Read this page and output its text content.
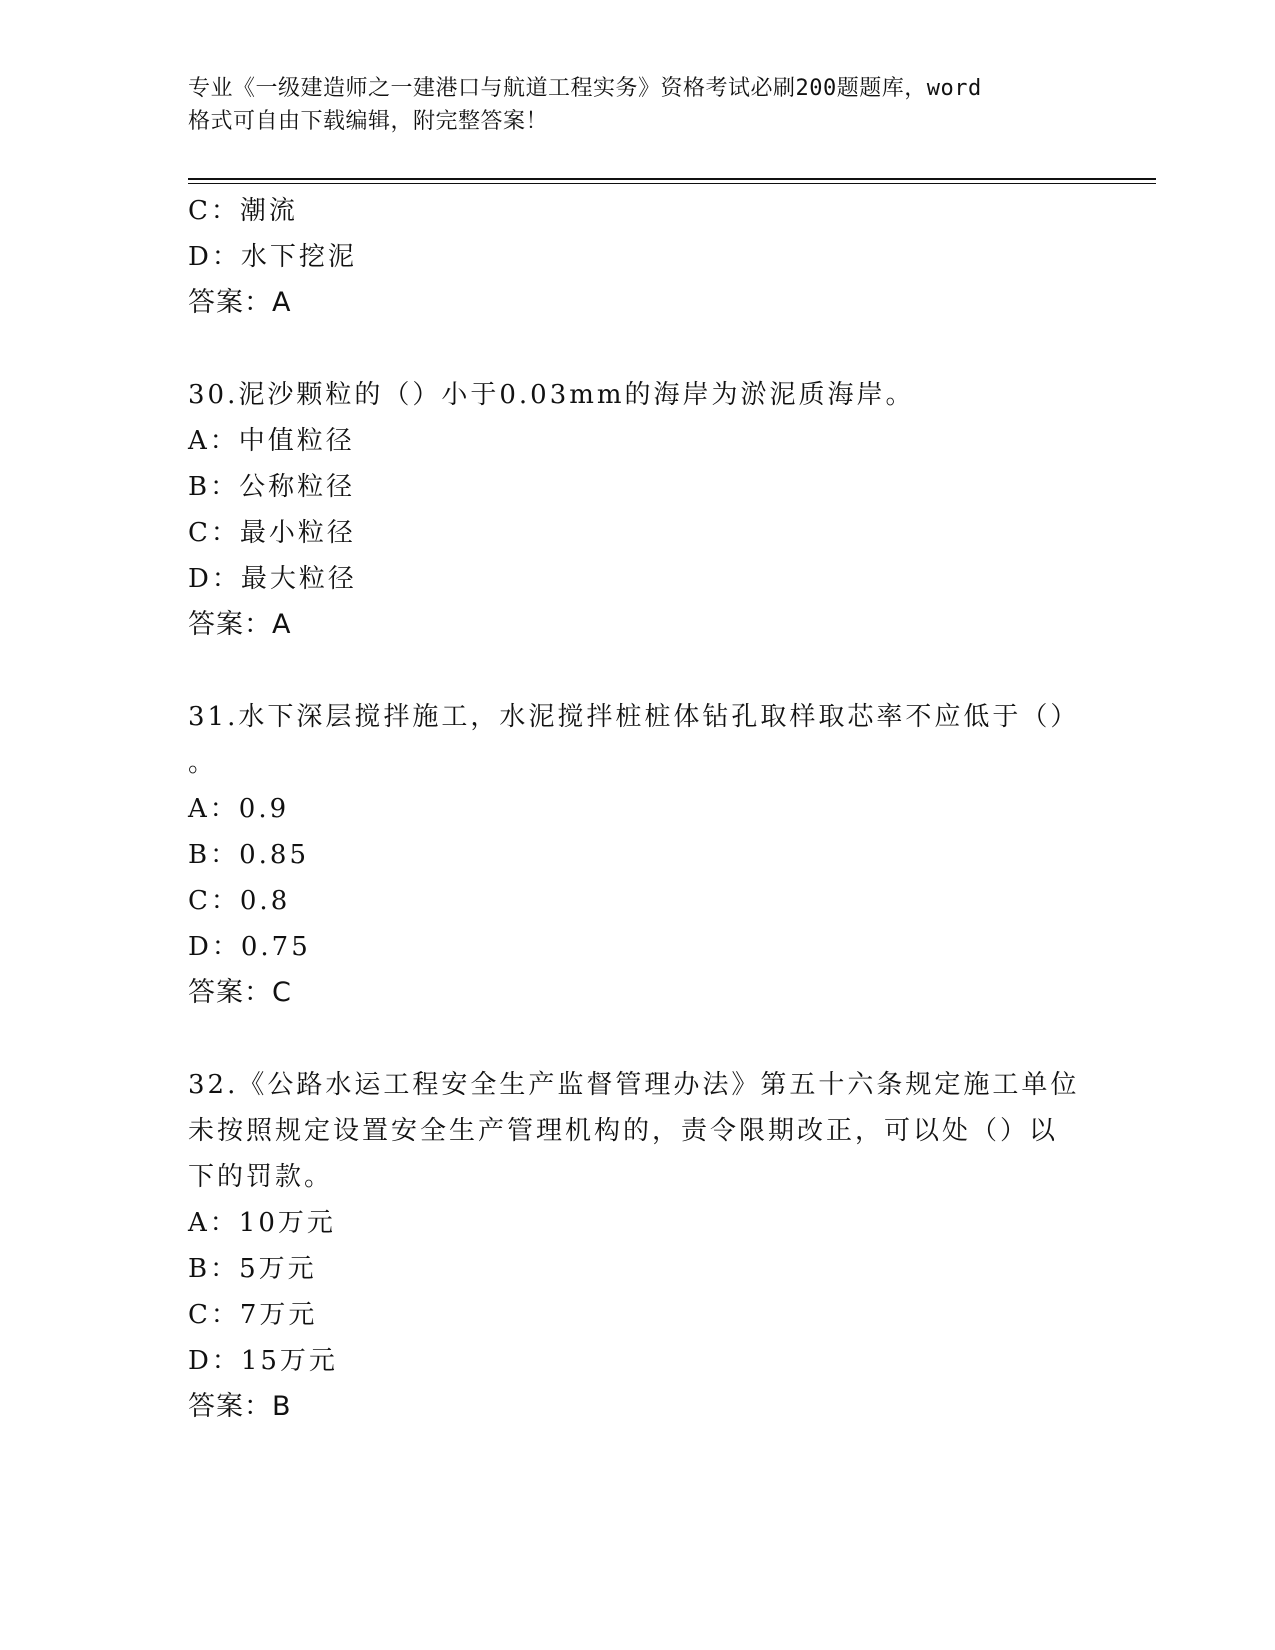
专业《一级建造师之一建港口与航道工程实务》资格考试必刷200题题库，word
格式可自由下载编辑，附完整答案！
C：潮流
D：水下挖泥
答案：A
30.泥沙颗粒的（）小于0.03mm的海岸为淤泥质海岸。
A：中值粒径
B：公称粒径
C：最小粒径
D：最大粒径
答案：A
31.水下深层搅拌施工，水泥搅拌桩桩体钻孔取样取芯率不应低于（）
。
A：0.9
B：0.85
C：0.8
D：0.75
答案：C
32.《公路水运工程安全生产监督管理办法》第五十六条规定施工单位
未按照规定设置安全生产管理机构的，责令限期改正，可以处（）以
下的罚款。
A：10万元
B：5万元
C：7万元
D：15万元
答案：B
